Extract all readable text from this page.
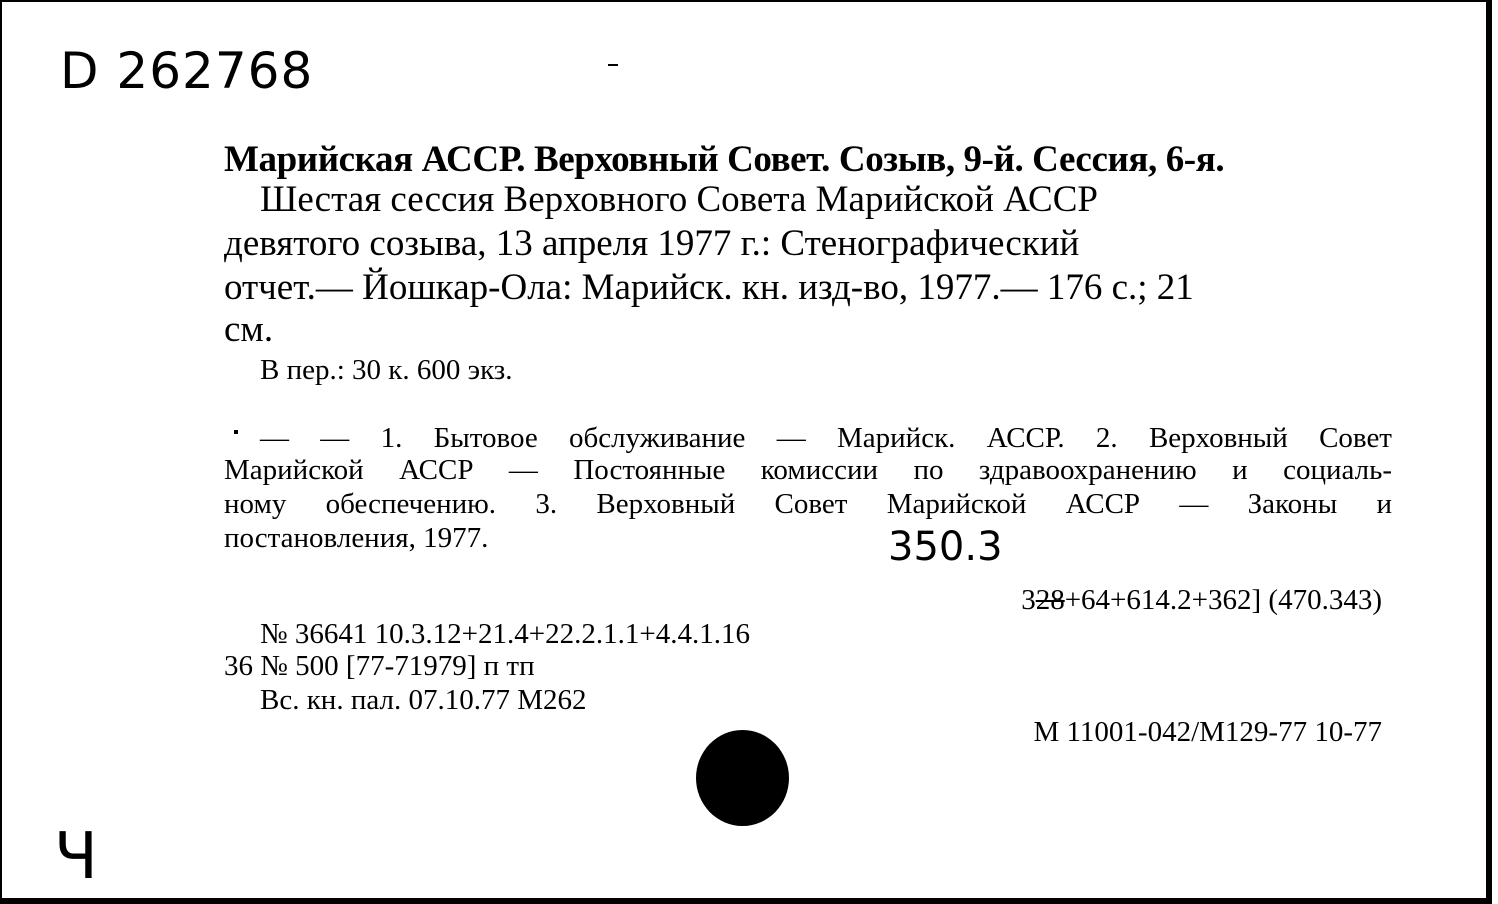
D 262768
Марийская АССР. Верховный Совет. Созыв, 9-й. Сессия, 6-я.
Шестая сессия Верховного Совета Марийской АССР
девятого созыва, 13 апреля 1977 г.: Стенографический
отчет.— Йошкар-Ола: Марийск. кн. изд-во, 1977.— 176 с.; 21
см.
В пер.: 30 к. 600 экз.
— — 1. Бытовое обслуживание — Марийск. АССР. 2. Верховный Совет
Марийской АССР — Постоянные комиссии по здравоохранению и социаль-
ному обеспечению. 3. Верховный Совет Марийской АССР — Законы и
постановления, 1977.	350.3
328+64+614.2+362] (470.343)
№ 36641 10.3.12+21.4+22.2.1.1+4.4.1.16
36 № 500 [77-71979] п тп
Вс. кн. пал. 07.10.77 М262
М 11001-042/М129-77 10-77
Ч
